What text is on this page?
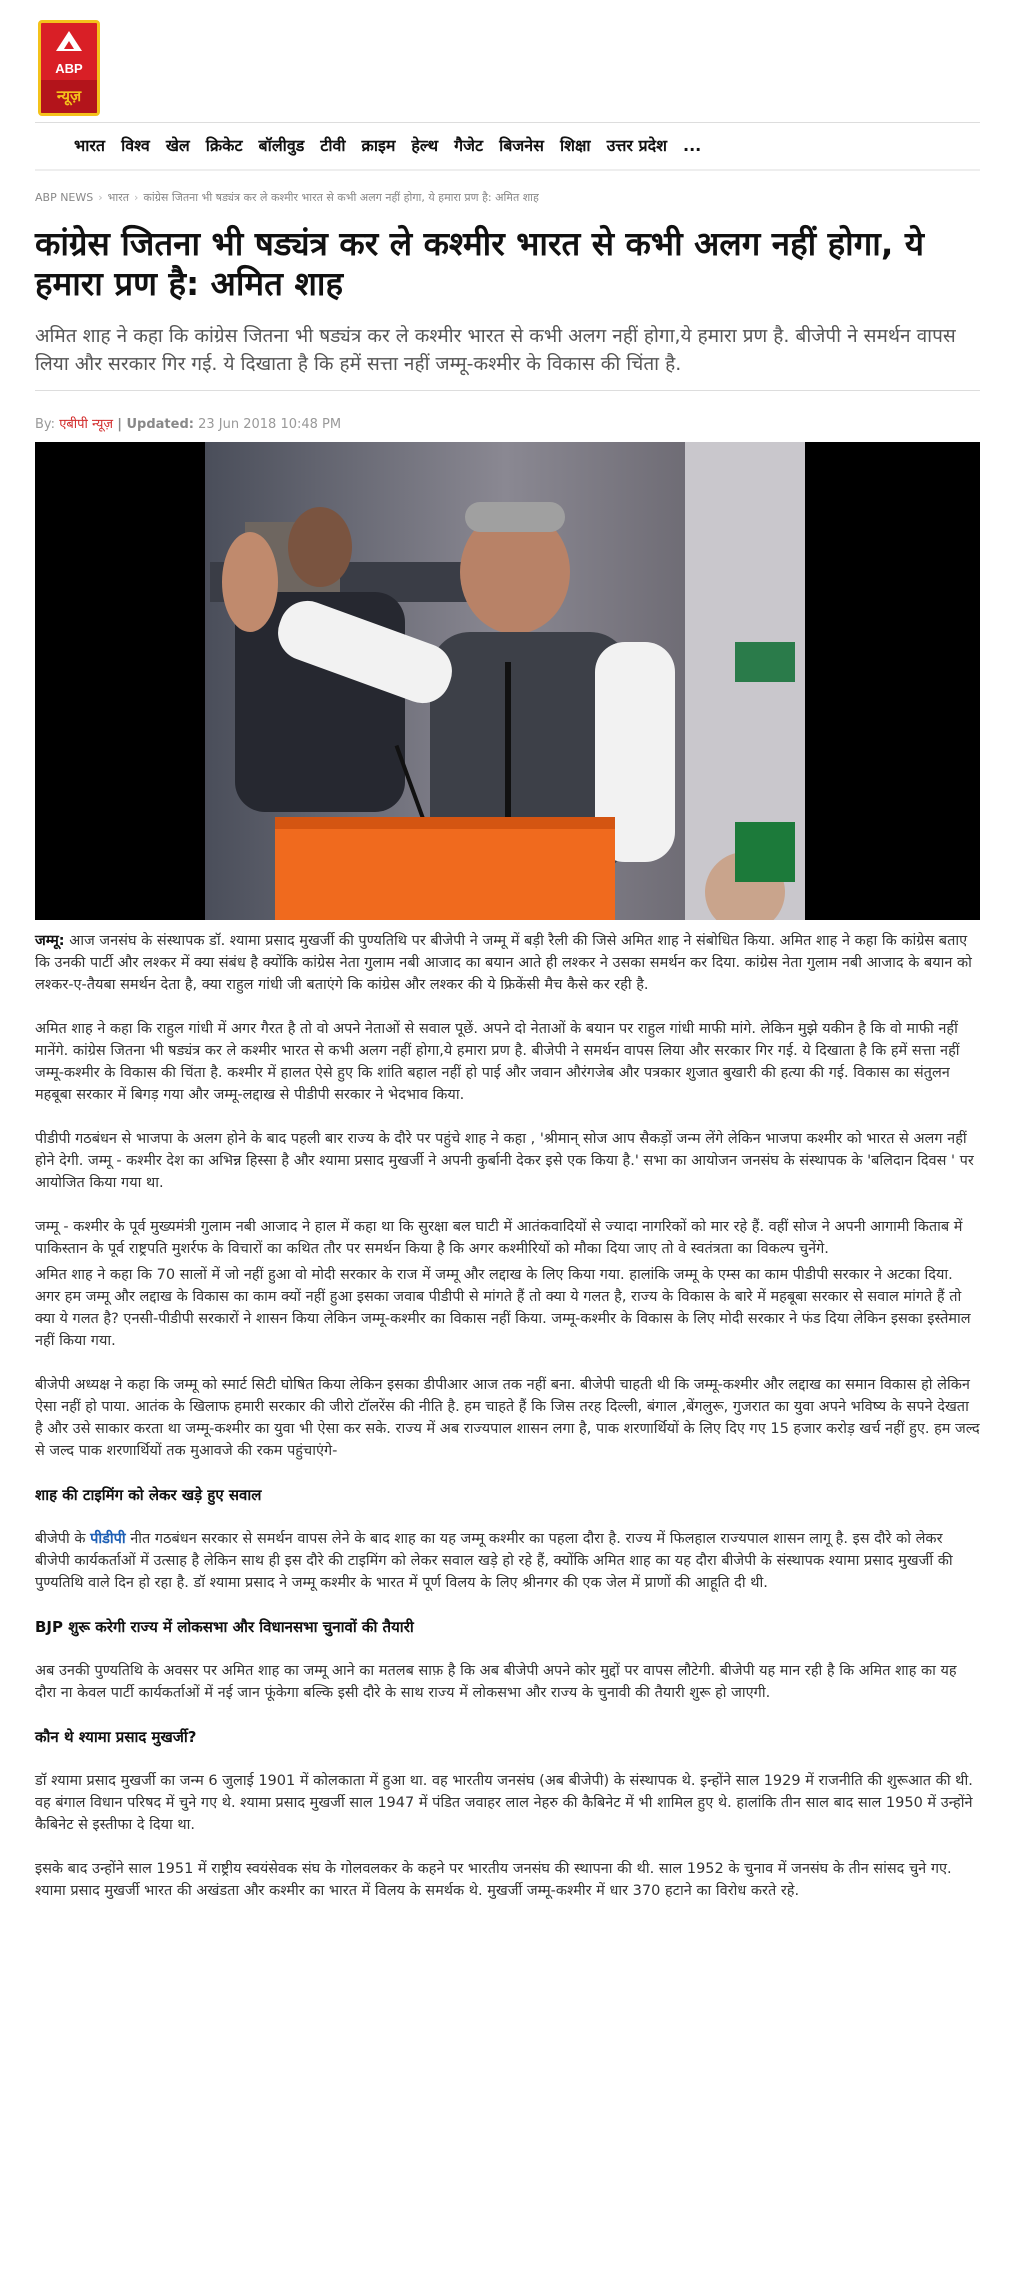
ABP
न्यूज़
भारत विश्व खेल क्रिकेट बॉलीवुड टीवी क्राइम हेल्थ गैजेट बिजनेस शिक्षा उत्तर प्रदेश ...
ABP NEWS › भारत › कांग्रेस जितना भी षड्यंत्र कर ले कश्मीर भारत से कभी अलग नहीं होगा, ये हमारा प्रण है: अमित शाह
कांग्रेस जितना भी षड्यंत्र कर ले कश्मीर भारत से कभी अलग नहीं होगा, ये हमारा प्रण है: अमित शाह
अमित शाह ने कहा कि कांग्रेस जितना भी षड्यंत्र कर ले कश्मीर भारत से कभी अलग नहीं होगा,ये हमारा प्रण है. बीजेपी ने समर्थन वापस लिया और सरकार गिर गई. ये दिखाता है कि हमें सत्ता नहीं जम्मू-कश्मीर के विकास की चिंता है.
By: एबीपी न्यूज़ | Updated: 23 Jun 2018 10:48 PM

जम्मू: आज जनसंघ के संस्थापक डॉ. श्यामा प्रसाद मुखर्जी की पुण्यतिथि पर बीजेपी ने जम्मू में बड़ी रैली की जिसे अमित शाह ने संबोधित किया. अमित शाह ने कहा कि कांग्रेस बताए कि उनकी पार्टी और लश्कर में क्या संबंध है क्योंकि कांग्रेस नेता गुलाम नबी आजाद का बयान आते ही लश्कर ने उसका समर्थन कर दिया. कांग्रेस नेता गुलाम नबी आजाद के बयान को लश्कर-ए-तैयबा समर्थन देता है, क्या राहुल गांधी जी बताएंगे कि कांग्रेस और लश्कर की ये फ्रिकेंसी मैच कैसे कर रही है.

अमित शाह ने कहा कि राहुल गांधी में अगर गैरत है तो वो अपने नेताओं से सवाल पूछें. अपने दो नेताओं के बयान पर राहुल गांधी माफी मांगे. लेकिन मुझे यकीन है कि वो माफी नहीं मानेंगे. कांग्रेस जितना भी षड्यंत्र कर ले कश्मीर भारत से कभी अलग नहीं होगा,ये हमारा प्रण है. बीजेपी ने समर्थन वापस लिया और सरकार गिर गई. ये दिखाता है कि हमें सत्ता नहीं जम्मू-कश्मीर के विकास की चिंता है. कश्मीर में हालत ऐसे हुए कि शांति बहाल नहीं हो पाई और जवान औरंगजेब और पत्रकार शुजात बुखारी की हत्या की गई. विकास का संतुलन महबूबा सरकार में बिगड़ गया और जम्मू-लद्दाख से पीडीपी सरकार ने भेदभाव किया.

पीडीपी गठबंधन से भाजपा के अलग होने के बाद पहली बार राज्य के दौरे पर पहुंचे शाह ने कहा , 'श्रीमान् सोज आप सैकड़ों जन्म लेंगे लेकिन भाजपा कश्मीर को भारत से अलग नहीं होने देगी. जम्मू - कश्मीर देश का अभिन्न हिस्सा है और श्यामा प्रसाद मुखर्जी ने अपनी कुर्बानी देकर इसे एक किया है.' सभा का आयोजन जनसंघ के संस्थापक के 'बलिदान दिवस ' पर आयोजित किया गया था.

जम्मू - कश्मीर के पूर्व मुख्यमंत्री गुलाम नबी आजाद ने हाल में कहा था कि सुरक्षा बल घाटी में आतंकवादियों से ज्यादा नागरिकों को मार रहे हैं. वहीं सोज ने अपनी आगामी किताब में पाकिस्तान के पूर्व राष्ट्रपति मुशर्रफ के विचारों का कथित तौर पर समर्थन किया है कि अगर कश्मीरियों को मौका दिया जाए तो वे स्वतंत्रता का विकल्प चुनेंगे.

अमित शाह ने कहा कि 70 सालों में जो नहीं हुआ वो मोदी सरकार के राज में जम्मू और लद्दाख के लिए किया गया. हालांकि जम्मू के एम्स का काम पीडीपी सरकार ने अटका दिया. अगर हम जम्मू और लद्दाख के विकास का काम क्यों नहीं हुआ इसका जवाब पीडीपी से मांगते हैं तो क्या ये गलत है, राज्य के विकास के बारे में महबूबा सरकार से सवाल मांगते हैं तो क्या ये गलत है? एनसी-पीडीपी सरकारों ने शासन किया लेकिन जम्मू-कश्मीर का विकास नहीं किया. जम्मू-कश्मीर के विकास के लिए मोदी सरकार ने फंड दिया लेकिन इसका इस्तेमाल नहीं किया गया.

बीजेपी अध्यक्ष ने कहा कि जम्मू को स्मार्ट सिटी घोषित किया लेकिन इसका डीपीआर आज तक नहीं बना. बीजेपी चाहती थी कि जम्मू-कश्मीर और लद्दाख का समान विकास हो लेकिन ऐसा नहीं हो पाया. आतंक के खिलाफ हमारी सरकार की जीरो टॉलरेंस की नीति है. हम चाहते हैं कि जिस तरह दिल्ली, बंगाल ,बेंगलुरू, गुजरात का युवा अपने भविष्य के सपने देखता है और उसे साकार करता था जम्मू-कश्मीर का युवा भी ऐसा कर सके. राज्य में अब राज्यपाल शासन लगा है, पाक शरणार्थियों के लिए दिए गए 15 हजार करोड़ खर्च नहीं हुए. हम जल्द से जल्द पाक शरणार्थियों तक मुआवजे की रकम पहुंचाएंगे-

शाह की टाइमिंग को लेकर खड़े हुए सवाल

बीजेपी के पीडीपी नीत गठबंधन सरकार से समर्थन वापस लेने के बाद शाह का यह जम्मू कश्मीर का पहला दौरा है. राज्य में फिलहाल राज्यपाल शासन लागू है. इस दौरे को लेकर बीजेपी कार्यकर्ताओं में उत्साह है लेकिन साथ ही इस दौरे की टाइमिंग को लेकर सवाल खड़े हो रहे हैं, क्योंकि अमित शाह का यह दौरा बीजेपी के संस्थापक श्यामा प्रसाद मुखर्जी की पुण्यतिथि वाले दिन हो रहा है. डॉ श्यामा प्रसाद ने जम्मू कश्मीर के भारत में पूर्ण विलय के लिए श्रीनगर की एक जेल में प्राणों की आहूति दी थी.

BJP शुरू करेगी राज्य में लोकसभा और विधानसभा चुनावों की तैयारी

अब उनकी पुण्यतिथि के अवसर पर अमित शाह का जम्मू आने का मतलब साफ़ है कि अब बीजेपी अपने कोर मुद्दों पर वापस लौटेगी. बीजेपी यह मान रही है कि अमित शाह का यह दौरा ना केवल पार्टी कार्यकर्ताओं में नई जान फूंकेगा बल्कि इसी दौरे के साथ राज्य में लोकसभा और राज्य के चुनावी की तैयारी शुरू हो जाएगी.

कौन थे श्यामा प्रसाद मुखर्जी?

डॉ श्यामा प्रसाद मुखर्जी का जन्म 6 जुलाई 1901 में कोलकाता में हुआ था. वह भारतीय जनसंघ (अब बीजेपी) के संस्थापक थे. इन्होंने साल 1929 में राजनीति की शुरूआत की थी. वह बंगाल विधान परिषद में चुने गए थे. श्यामा प्रसाद मुखर्जी साल 1947 में पंडित जवाहर लाल नेहरु की कैबिनेट में भी शामिल हुए थे. हालांकि तीन साल बाद साल 1950 में उन्होंने कैबिनेट से इस्तीफा दे दिया था.

इसके बाद उन्होंने साल 1951 में राष्ट्रीय स्वयंसेवक संघ के गोलवलकर के कहने पर भारतीय जनसंघ की स्थापना की थी. साल 1952 के चुनाव में जनसंघ के तीन सांसद चुने गए. श्यामा प्रसाद मुखर्जी भारत की अखंडता और कश्मीर का भारत में विलय के समर्थक थे. मुखर्जी जम्मू-कश्मीर में धार 370 हटाने का विरोध करते रहे.
